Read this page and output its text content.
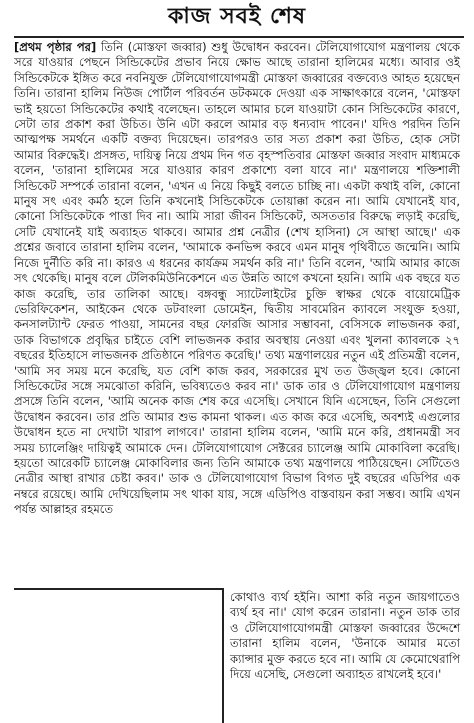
কাজ সবই শেষ

[প্রথম পৃষ্ঠার পর] তিনি (মোস্তফা জব্বার) শুধু উদ্বোধন করবেন। টেলিযোগাযোগ মন্ত্রণালয় থেকে সরে যাওয়ার পেছনে সিন্ডিকেটের প্রভাব নিয়ে ক্ষোভ আছে তারানা হালিমের মধ্যে। আবার ওই সিন্ডিকেটকে ইঙ্গিত করে নবনিযুক্ত টেলিযোগাযোগমন্ত্রী মোস্তফা জব্বারের বক্তব্যেও আহত হয়েছেন তিনি। তারানা হালিম নিউজ পোর্টাল পরিবর্তন ডটকমকে দেওয়া এক সাক্ষাৎকারে বলেন, 'মোস্তফা ভাই হয়তো সিন্ডিকেটের কথাই বলেছেন। তাহলে আমার চলে যাওয়াটা কোন সিন্ডিকেটের কারণে, সেটা তার প্রকাশ করা উচিত। উনি এটা করলে আমার বড় ধন্যবাদ পাবেন।' যদিও পরদিন তিনি আত্মপক্ষ সমর্থনে একটি বক্তব্য দিয়েছেন। তারপরও তার সত্য প্রকাশ করা উচিত, হোক সেটা আমার বিরুদ্ধেই। প্রসঙ্গত, দায়িত্ব নিয়ে প্রথম দিন গত বৃহস্পতিবার মোস্তফা জব্বার সংবাদ মাধ্যমকে বলেন, 'তারানা হালিমের সরে যাওয়ার কারণ প্রকাশ্যে বলা যাবে না।' মন্ত্রণালয়ে শক্তিশালী সিন্ডিকেট সম্পর্কে তারানা বলেন, 'এখন এ নিয়ে কিছুই বলতে চাচ্ছি না। একটা কথাই বলি, কোনো মানুষ সৎ এবং কর্মঠ হলে তিনি কখনোই সিন্ডিকেটকে তোয়াক্কা করেন না। আমি যেখানেই যাব, কোনো সিন্ডিকেটকে পাত্তা দিব না। আমি সারা জীবন সিন্ডিকেট, অসততার বিরুদ্ধে লড়াই করেছি, সেটি যেখানেই যাই অব্যাহত থাকবে। আমার প্রশ্ন নেত্রীর (শেখ হাসিনা) সে আস্থা আছে।' এক প্রশ্নের জবাবে তারানা হালিম বলেন, 'আমাকে কনভিন্স করবে এমন মানুষ পৃথিবীতে জন্মেনি। আমি নিজে দুর্নীতি করি না। কারও এ ধরনের কার্যক্রম সমর্থন করি না।' তিনি বলেন, 'আমি আমার কাজে সৎ থেকেছি। মানুষ বলে টেলিকমিউনিকেশনে এত উন্নতি আগে কখনো হয়নি। আমি এক বছরে যত কাজ করেছি, তার তালিকা আছে। বঙ্গবন্ধু স্যাটেলাইটের চুক্তি স্বাক্ষর থেকে বায়োমেট্রিক ভেরিফিকেশন, আইকেন থেকে ডটবাংলা ডোমেইন, দ্বিতীয় সাবমেরিন ক্যাবলে সংযুক্ত হওয়া, কনসালট্যান্ট ফেরত পাওয়া, সামনের বছর ফোরজি আসার সম্ভাবনা, বেসিসকে লাভজনক করা, ডাক বিভাগকে প্রবৃদ্ধির চাইতে বেশি লাভজনক করার অবস্থায় নেওয়া এবং খুলনা ক্যাবলকে ২৭ বছরের ইতিহাসে লাভজনক প্রতিষ্ঠানে পরিণত করেছি।' তথ্য মন্ত্রণালয়ের নতুন এই প্রতিমন্ত্রী বলেন, 'আমি সব সময় মনে করেছি, যত বেশি কাজ করব, সরকারের মুখ তত উজ্জ্বল হবে। কোনো সিন্ডিকেটের সঙ্গে সমঝোতা করিনি, ভবিষ্যতেও করব না।' ডাক তার ও টেলিযোগাযোগ মন্ত্রণালয় প্রসঙ্গে তিনি বলেন, 'আমি অনেক কাজ শেষ করে এসেছি। সেখানে যিনি এসেছেন, তিনি সেগুলো উদ্বোধন করবেন। তার প্রতি আমার শুভ কামনা থাকল। এত কাজ করে এসেছি, অবশ্যই এগুলোর উদ্বোধন হতে না দেখাটা খারাপ লাগবে।' তারানা হালিম বলেন, 'আমি মনে করি, প্রধানমন্ত্রী সব সময় চ্যালেঞ্জিং দায়িত্বই আমাকে দেন। টেলিযোগাযোগ সেক্টরের চ্যালেঞ্জ আমি মোকাবিলা করেছি। হয়তো আরেকটি চ্যালেঞ্জ মোকাবিলার জন্য তিনি আমাকে তথ্য মন্ত্রণালয়ে পাঠিয়েছেন। সেটিতেও নেত্রীর আস্থা রাখার চেষ্টা করব।' ডাক ও টেলিযোগাযোগ বিভাগ বিগত দুই বছরের এডিপির এক নম্বরে রয়েছে। আমি দেখিয়েছিলাম সৎ থাকা যায়, সঙ্গে এডিপিও বাস্তবায়ন করা সম্ভব। আমি এখন পর্যন্ত আল্লাহর রহমতে

কোথাও ব্যর্থ হইনি। আশা করি নতুন জায়গাতেও ব্যর্থ হব না।' যোগ করেন তারানা। নতুন ডাক তার ও টেলিযোগাযোগমন্ত্রী মোস্তফা জব্বারের উদ্দেশে তারানা হালিম বলেন, 'উনাকে আমার মতো ক্যান্সার মুক্ত করতে হবে না। আমি যে কেমোথেরাপি দিয়ে এসেছি, সেগুলো অব্যাহত রাখলেই হবে।'
